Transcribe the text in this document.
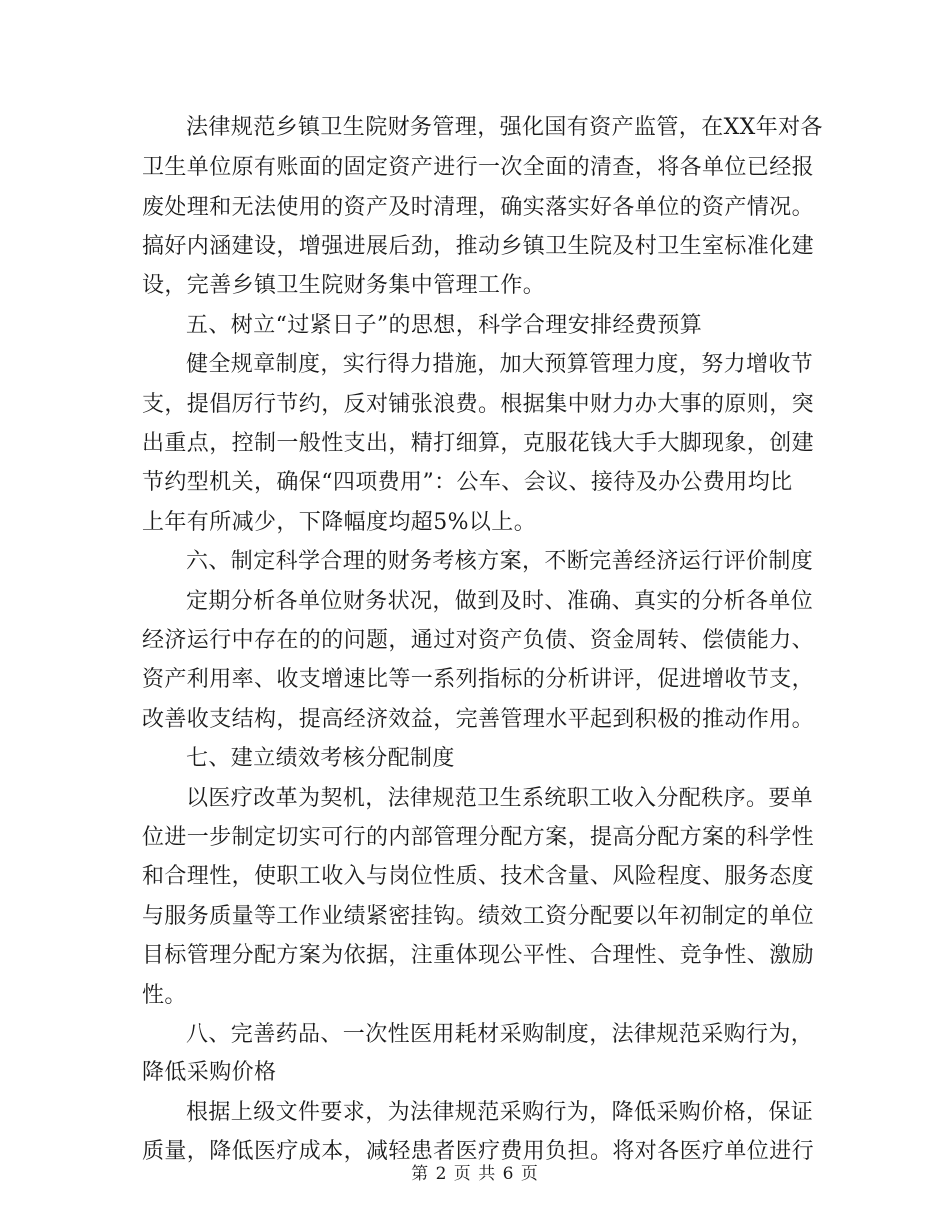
法律规范乡镇卫生院财务管理，强化国有资产监管，在XX年对各
卫生单位原有账面的固定资产进行一次全面的清查，将各单位已经报
废处理和无法使用的资产及时清理，确实落实好各单位的资产情况。
搞好内涵建设，增强进展后劲，推动乡镇卫生院及村卫生室标准化建
设，完善乡镇卫生院财务集中管理工作。
五、树立“过紧日子”的思想，科学合理安排经费预算
健全规章制度，实行得力措施，加大预算管理力度，努力增收节
支，提倡厉行节约，反对铺张浪费。根据集中财力办大事的原则，突
出重点，控制一般性支出，精打细算，克服花钱大手大脚现象，创建
节约型机关，确保“四项费用”：公车、会议、接待及办公费用均比
上年有所减少，下降幅度均超5%以上。
六、制定科学合理的财务考核方案，不断完善经济运行评价制度
定期分析各单位财务状况，做到及时、准确、真实的分析各单位
经济运行中存在的的问题，通过对资产负债、资金周转、偿债能力、
资产利用率、收支增速比等一系列指标的分析讲评，促进增收节支，
改善收支结构，提高经济效益，完善管理水平起到积极的推动作用。
七、建立绩效考核分配制度
以医疗改革为契机，法律规范卫生系统职工收入分配秩序。要单
位进一步制定切实可行的内部管理分配方案，提高分配方案的科学性
和合理性，使职工收入与岗位性质、技术含量、风险程度、服务态度
与服务质量等工作业绩紧密挂钩。绩效工资分配要以年初制定的单位
目标管理分配方案为依据，注重体现公平性、合理性、竞争性、激励
性。
八、完善药品、一次性医用耗材采购制度，法律规范采购行为，
降低采购价格
根据上级文件要求，为法律规范采购行为，降低采购价格，保证
质量，降低医疗成本，减轻患者医疗费用负担。将对各医疗单位进行
第 2 页 共 6 页
